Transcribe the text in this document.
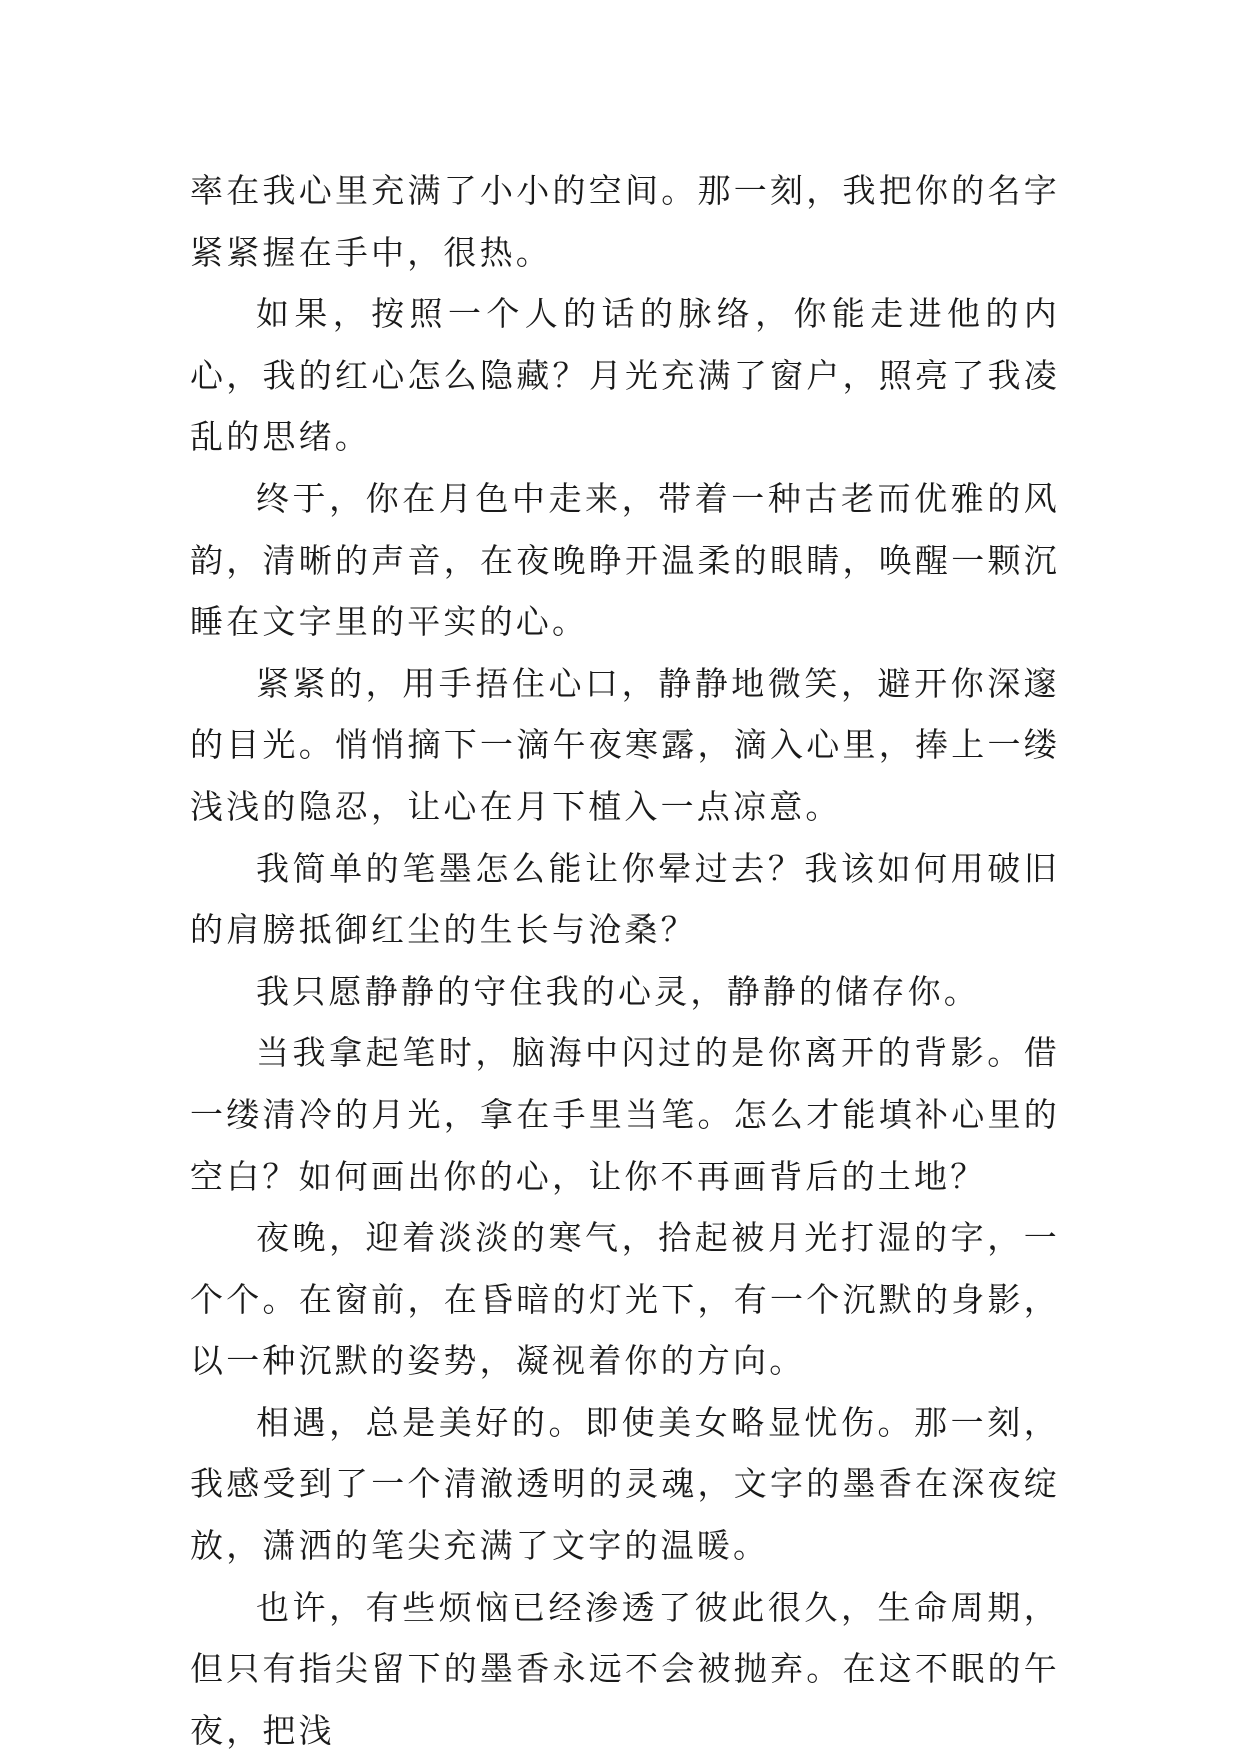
率在我心里充满了小小的空间。那一刻，我把你的名字紧紧握在手中，很热。

如果，按照一个人的话的脉络，你能走进他的内心，我的红心怎么隐藏？月光充满了窗户，照亮了我凌乱的思绪。

终于，你在月色中走来，带着一种古老而优雅的风韵，清晰的声音，在夜晚睁开温柔的眼睛，唤醒一颗沉睡在文字里的平实的心。

紧紧的，用手捂住心口，静静地微笑，避开你深邃的目光。悄悄摘下一滴午夜寒露，滴入心里，捧上一缕浅浅的隐忍，让心在月下植入一点凉意。

我简单的笔墨怎么能让你晕过去？我该如何用破旧的肩膀抵御红尘的生长与沧桑？

我只愿静静的守住我的心灵，静静的储存你。

当我拿起笔时，脑海中闪过的是你离开的背影。借一缕清冷的月光，拿在手里当笔。怎么才能填补心里的空白？如何画出你的心，让你不再画背后的土地？

夜晚，迎着淡淡的寒气，拾起被月光打湿的字，一个个。在窗前，在昏暗的灯光下，有一个沉默的身影，以一种沉默的姿势，凝视着你的方向。

相遇，总是美好的。即使美女略显忧伤。那一刻，我感受到了一个清澈透明的灵魂，文字的墨香在深夜绽放，潇洒的笔尖充满了文字的温暖。

也许，有些烦恼已经渗透了彼此很久，生命周期，但只有指尖留下的墨香永远不会被抛弃。在这不眠的午夜，把浅
